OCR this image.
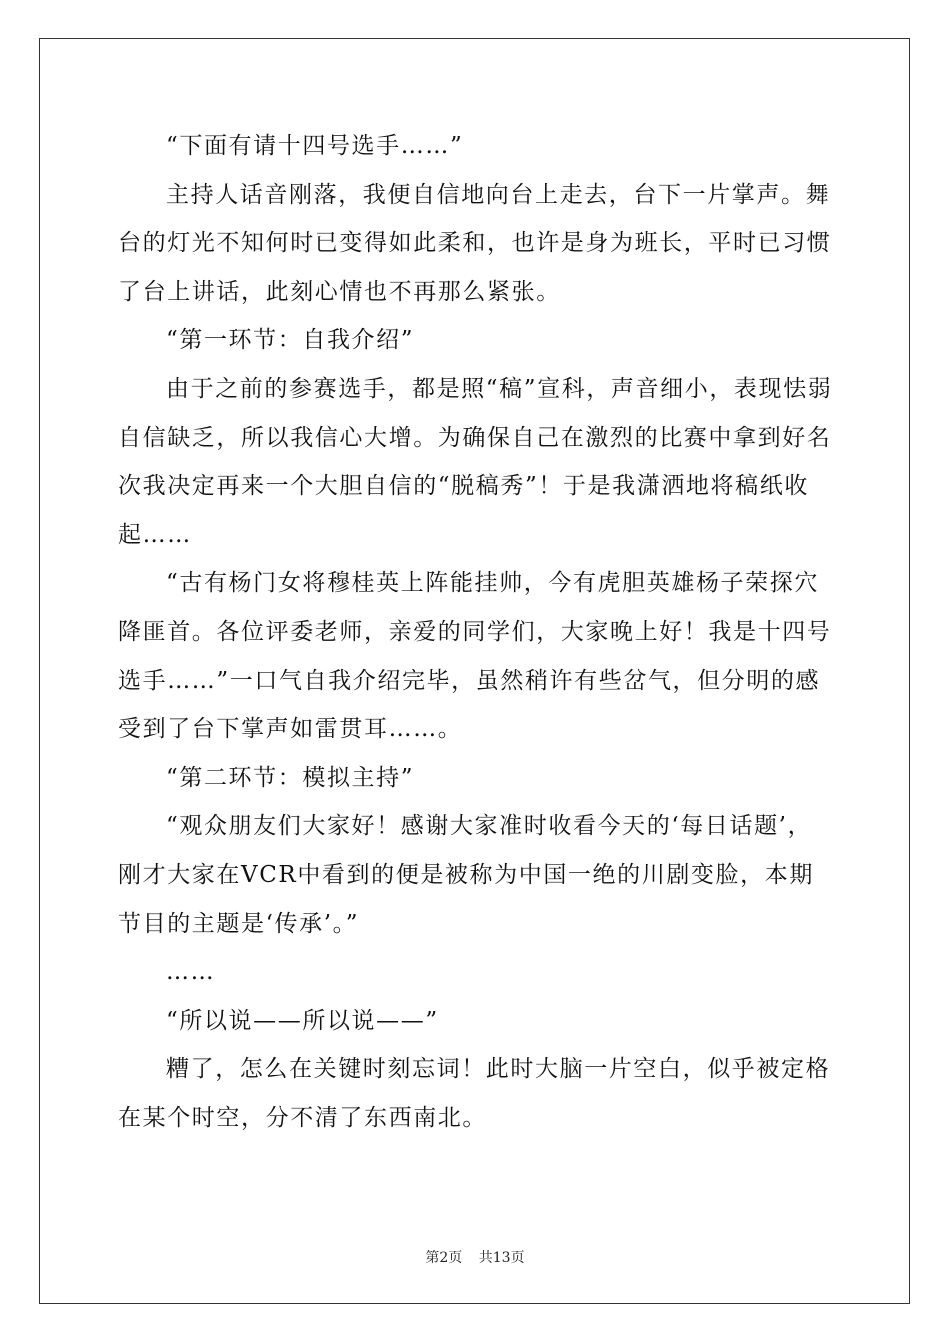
“下面有请十四号选手……”

主持人话音刚落，我便自信地向台上走去，台下一片掌声。舞台的灯光不知何时已变得如此柔和，也许是身为班长，平时已习惯了台上讲话，此刻心情也不再那么紧张。

“第一环节：自我介绍”

由于之前的参赛选手，都是照“稿”宣科，声音细小，表现怯弱自信缺乏，所以我信心大增。为确保自己在激烈的比赛中拿到好名次我决定再来一个大胆自信的“脱稿秀”！于是我潇洒地将稿纸收起……

“古有杨门女将穆桂英上阵能挂帅，今有虎胆英雄杨子荣探穴降匪首。各位评委老师，亲爱的同学们，大家晚上好！我是十四号选手……”一口气自我介绍完毕，虽然稍许有些岔气，但分明的感受到了台下掌声如雷贯耳……。

“第二环节：模拟主持”

“观众朋友们大家好！感谢大家准时收看今天的‘每日话题’，刚才大家在VCR中看到的便是被称为中国一绝的川剧变脸，本期节目的主题是‘传承’。”

……

“所以说——所以说——”

糟了，怎么在关键时刻忘词！此时大脑一片空白，似乎被定格在某个时空，分不清了东西南北。

第2页 共13页
